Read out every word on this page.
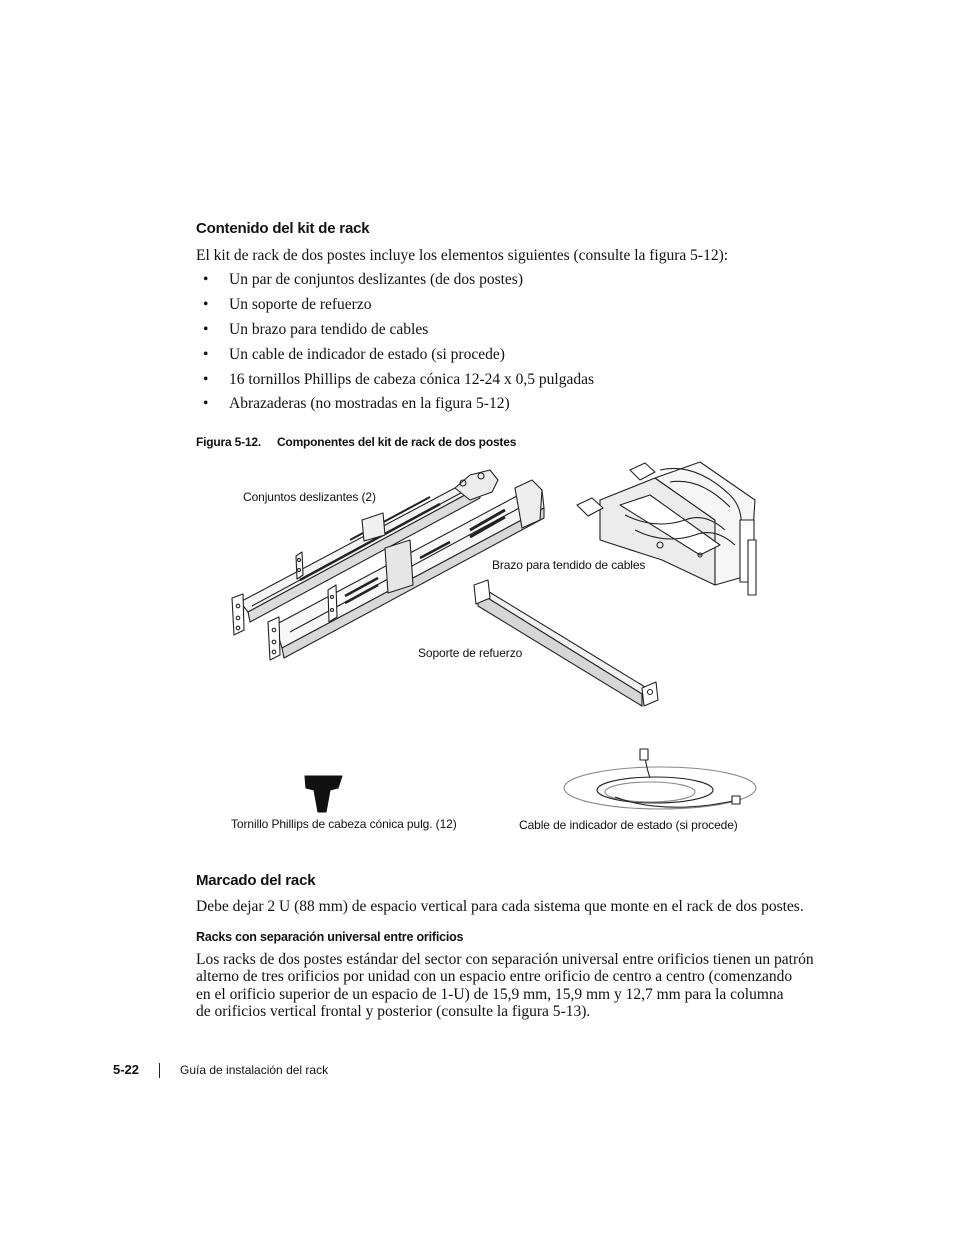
Contenido del kit de rack
El kit de rack de dos postes incluye los elementos siguientes (consulte la figura 5-12):
• Un par de conjuntos deslizantes (de dos postes)
• Un soporte de refuerzo
• Un brazo para tendido de cables
• Un cable de indicador de estado (si procede)
• 16 tornillos Phillips de cabeza cónica 12-24 x 0,5 pulgadas
• Abrazaderas (no mostradas en la figura 5-12)
Figura 5-12. Componentes del kit de rack de dos postes
Conjuntos deslizantes (2)
Brazo para tendido de cables
Soporte de refuerzo
Tornillo Phillips de cabeza cónica pulg. (12)	Cable de indicador de estado (si procede)
Marcado del rack
Debe dejar 2 U (88 mm) de espacio vertical para cada sistema que monte en el rack de dos postes.
Racks con separación universal entre orificios
Los racks de dos postes estándar del sector con separación universal entre orificios tienen un patrón
alterno de tres orificios por unidad con un espacio entre orificio de centro a centro (comenzando
en el orificio superior de un espacio de 1-U) de 15,9 mm, 15,9 mm y 12,7 mm para la columna
de orificios vertical frontal y posterior (consulte la figura 5-13).
5-22	Guía de instalación del rack
